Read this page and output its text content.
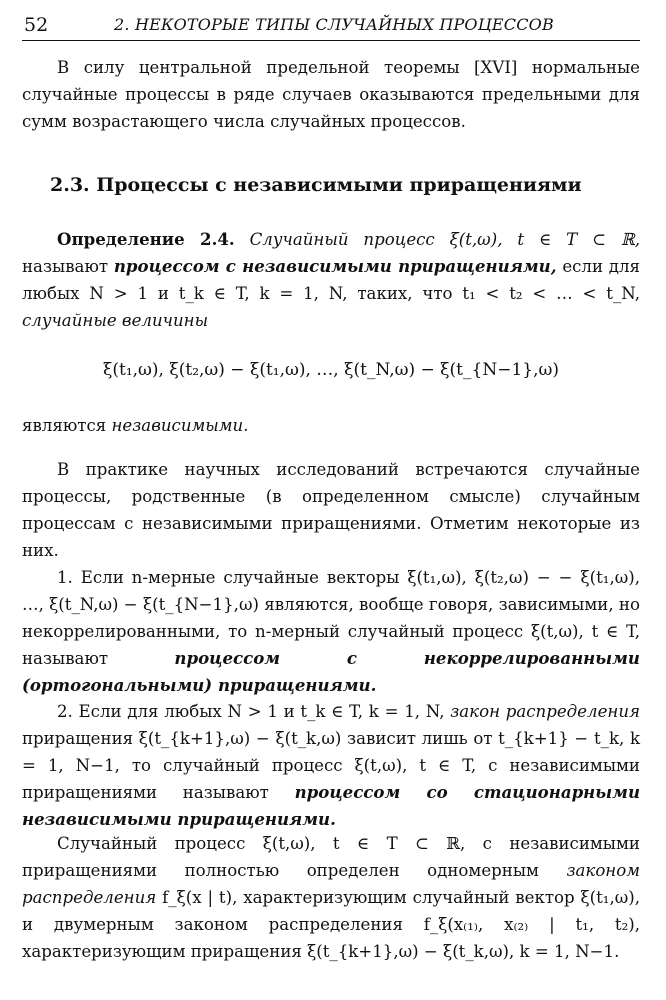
52	2. НЕКОТОРЫЕ ТИПЫ СЛУЧАЙНЫХ ПРОЦЕССОВ

В силу центральной предельной теоремы [XVI] нормальные случайные процессы в ряде случаев оказываются предельными для сумм возрастающего числа случайных процессов.

2.3. Процессы с независимыми приращениями

Определение 2.4. Случайный процесс ξ(t,ω), t ∈ T ⊂ ℝ, называют процессом с независимыми приращениями, если для любых N > 1 и t_k ∈ T, k = 1, N, таких, что t₁ < t₂ < … < t_N, случайные величины

ξ(t₁,ω), ξ(t₂,ω) − ξ(t₁,ω), …, ξ(t_N,ω) − ξ(t_{N−1},ω)

являются независимыми.

В практике научных исследований встречаются случайные процессы, родственные (в определенном смысле) случайным процессам с независимыми приращениями. Отметим некоторые из них.

1. Если n-мерные случайные векторы ξ(t₁,ω), ξ(t₂,ω) − − ξ(t₁,ω), …, ξ(t_N,ω) − ξ(t_{N−1},ω) являются, вообще говоря, зависимыми, но некоррелированными, то n-мерный случайный процесс ξ(t,ω), t ∈ T, называют	процессом с некоррелированными (ортогональными) приращениями.

2. Если для любых N > 1 и t_k ∈ T, k = 1, N, закон распределения приращения ξ(t_{k+1},ω) − ξ(t_k,ω) зависит лишь от t_{k+1} − t_k, k = 1, N−1, то случайный процесс ξ(t,ω), t ∈ T, с независимыми приращениями называют процессом со стационарными независимыми приращениями.

Случайный процесс ξ(t,ω), t ∈ T ⊂ ℝ, с независимыми приращениями полностью определен одномерным законом распределения f_ξ(x | t), характеризующим случайный вектор ξ(t₁,ω), и двумерным законом распределения f_ξ(x₍₁₎, x₍₂₎ | t₁, t₂), характеризующим приращения ξ(t_{k+1},ω) − ξ(t_k,ω), k = 1, N−1.
